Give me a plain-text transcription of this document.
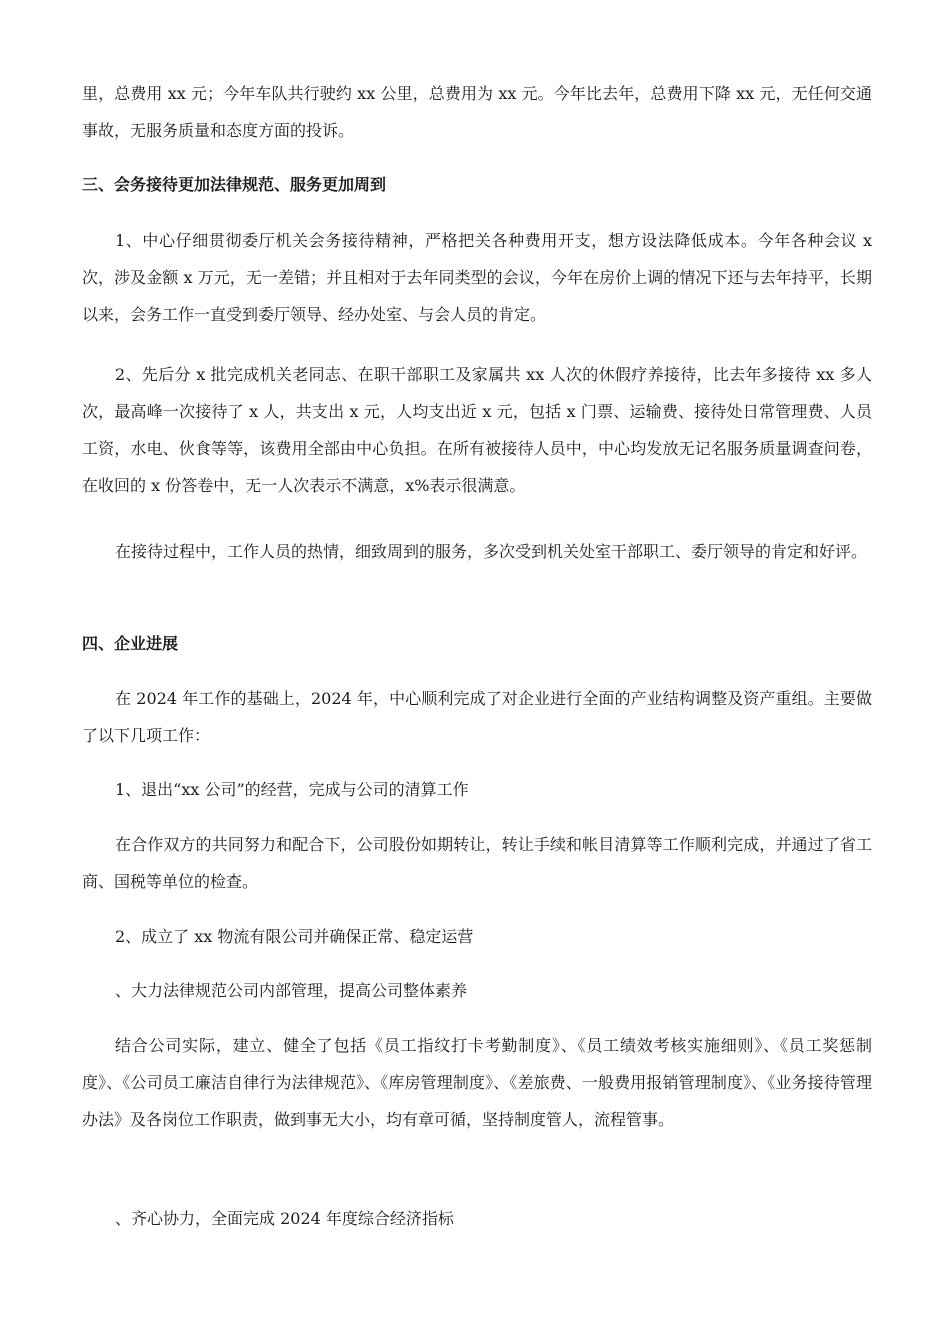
里，总费用 xx 元；今年车队共行驶约 xx 公里，总费用为 xx 元。今年比去年，总费用下降 xx 元，无任何交通事故，无服务质量和态度方面的投诉。

三、会务接待更加法律规范、服务更加周到

1、中心仔细贯彻委厅机关会务接待精神，严格把关各种费用开支，想方设法降低成本。今年各种会议 x 次，涉及金额 x 万元，无一差错；并且相对于去年同类型的会议，今年在房价上调的情况下还与去年持平，长期以来，会务工作一直受到委厅领导、经办处室、与会人员的肯定。

2、先后分 x 批完成机关老同志、在职干部职工及家属共 xx 人次的休假疗养接待，比去年多接待 xx 多人次，最高峰一次接待了 x 人，共支出 x 元，人均支出近 x 元，包括 x 门票、运输费、接待处日常管理费、人员工资，水电、伙食等等，该费用全部由中心负担。在所有被接待人员中，中心均发放无记名服务质量调查问卷，在收回的 x 份答卷中，无一人次表示不满意，x%表示很满意。

在接待过程中，工作人员的热情，细致周到的服务，多次受到机关处室干部职工、委厅领导的肯定和好评。

四、企业进展

在 2024 年工作的基础上，2024 年，中心顺利完成了对企业进行全面的产业结构调整及资产重组。主要做了以下几项工作：

1、退出“xx 公司”的经营，完成与公司的清算工作

在合作双方的共同努力和配合下，公司股份如期转让，转让手续和帐目清算等工作顺利完成，并通过了省工商、国税等单位的检查。

2、成立了 xx 物流有限公司并确保正常、稳定运营

、大力法律规范公司内部管理，提高公司整体素养

结合公司实际，建立、健全了包括《员工指纹打卡考勤制度》、《员工绩效考核实施细则》、《员工奖惩制度》、《公司员工廉洁自律行为法律规范》、《库房管理制度》、《差旅费、一般费用报销管理制度》、《业务接待管理办法》及各岗位工作职责，做到事无大小，均有章可循，坚持制度管人，流程管事。

、齐心协力，全面完成 2024 年度综合经济指标
